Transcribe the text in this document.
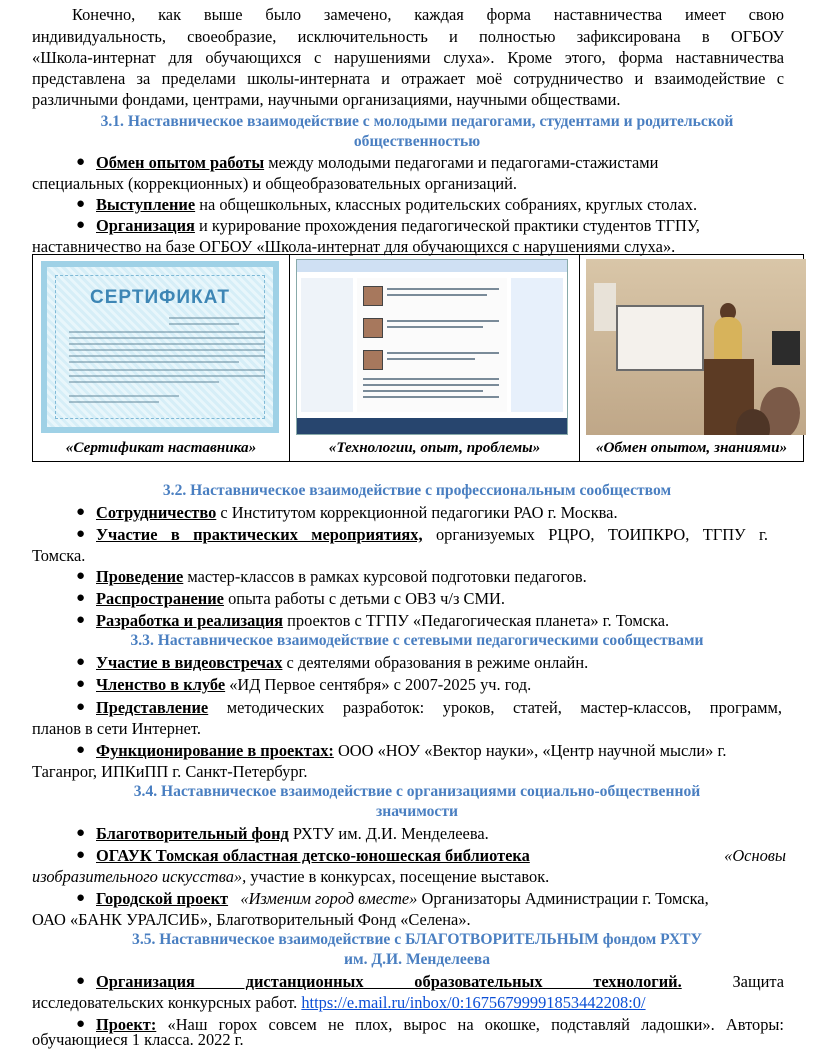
Конечно, как выше было замечено, каждая форма наставничества имеет свою
индивидуальность, своеобразие, исключительность и полностью зафиксирована в ОГБОУ
«Школа-интернат для обучающихся с нарушениями слуха». Кроме этого, форма наставничества
представлена за пределами школы-интерната и отражает моё сотрудничество и взаимодействие с
различными фондами, центрами, научными организациями, научными обществами.
3.1. Наставническое взаимодействие с молодыми педагогами, студентами и родительской
общественностью
● Обмен опытом работы между молодыми педагогами и педагогами-стажистами
специальных (коррекционных) и общеобразовательных организаций.
● Выступление на общешкольных, классных родительских собраниях, круглых столах.
● Организация и курирование прохождения педагогической практики студентов ТГПУ,
наставничество на базе ОГБОУ «Школа-интернат для обучающихся с нарушениями слуха».
СЕРТИФИКАТ
«Сертификат наставника»	«Технологии, опыт, проблемы»	«Обмен опытом, знаниями»
3.2. Наставническое взаимодействие с профессиональным сообществом
● Сотрудничество с Институтом коррекционной педагогики РАО г. Москва.
● Участие в практических мероприятиях, организуемых РЦРО, ТОИПКРО, ТГПУ г.
Томска.
● Проведение мастер-классов в рамках курсовой подготовки педагогов.
● Распространение опыта работы с детьми с ОВЗ ч/з СМИ.
● Разработка и реализация проектов с ТГПУ «Педагогическая планета» г. Томска.
3.3. Наставническое взаимодействие с сетевыми педагогическими сообществами
● Участие в видеовстречах с деятелями образования в режиме онлайн.
● Членство в клубе «ИД Первое сентября» с 2007-2025 уч. год.
● Представление методических разработок: уроков, статей, мастер-классов, программ,
планов в сети Интернет.
● Функционирование в проектах: ООО «НОУ «Вектор науки», «Центр научной мысли» г.
Таганрог, ИПКиПП г. Санкт-Петербург.
3.4. Наставническое взаимодействие с организациями социально-общественной
значимости
● Благотворительный фонд РХТУ им. Д.И. Менделеева.
● ОГАУК Томская областная детско-юношеская библиотека	«Основы
изобразительного искусства», участие в конкурсах, посещение выставок.
● Городской проект «Изменим город вместе» Организаторы Администрации г. Томска,
ОАО «БАНК УРАЛСИБ», Благотворительный Фонд «Селена».
3.5. Наставническое взаимодействие с БЛАГОТВОРИТЕЛЬНЫМ фондом РХТУ
им. Д.И. Менделеева
● Организация дистанционных образовательных технологий. Защита
исследовательских конкурсных работ. https://e.mail.ru/inbox/0:16756799991853442208:0/
● Проект: «Наш горох совсем не плох, вырос на окошке, подставляй ладошки». Авторы:
обучающиеся 1 класса. 2022 г.
